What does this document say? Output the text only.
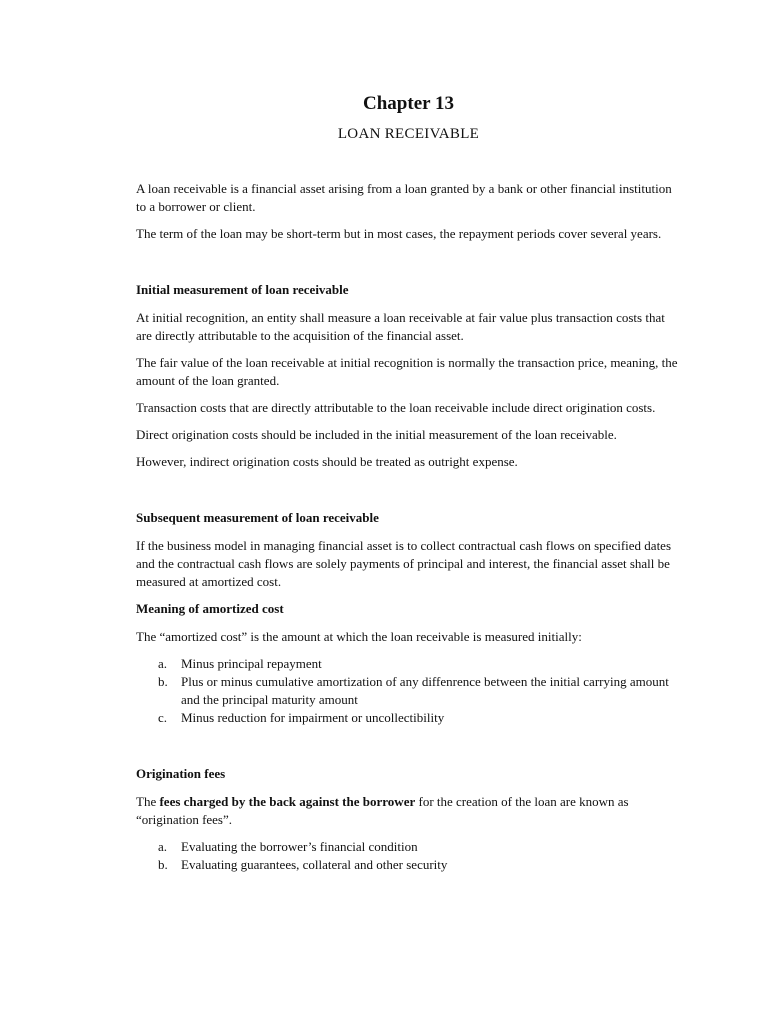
Chapter 13
LOAN RECEIVABLE

A loan receivable is a financial asset arising from a loan granted by a bank or other financial institution to a borrower or client.

The term of the loan may be short-term but in most cases, the repayment periods cover several years.

Initial measurement of loan receivable

At initial recognition, an entity shall measure a loan receivable at fair value plus transaction costs that are directly attributable to the acquisition of the financial asset.

The fair value of the loan receivable at initial recognition is normally the transaction price, meaning, the amount of the loan granted.

Transaction costs that are directly attributable to the loan receivable include direct origination costs.

Direct origination costs should be included in the initial measurement of the loan receivable.

However, indirect origination costs should be treated as outright expense.

Subsequent measurement of loan receivable

If the business model in managing financial asset is to collect contractual cash flows on specified dates and the contractual cash flows are solely payments of principal and interest, the financial asset shall be measured at amortized cost.

Meaning of amortized cost

The “amortized cost” is the amount at which the loan receivable is measured initially:

a. Minus principal repayment
b. Plus or minus cumulative amortization of any diffenrence between the initial carrying amount and the principal maturity amount
c. Minus reduction for impairment or uncollectibility
Origination fees

The fees charged by the back against the borrower for the creation of the loan are known as “origination fees”.

a. Evaluating the borrower’s financial condition
b. Evaluating guarantees, collateral and other security
